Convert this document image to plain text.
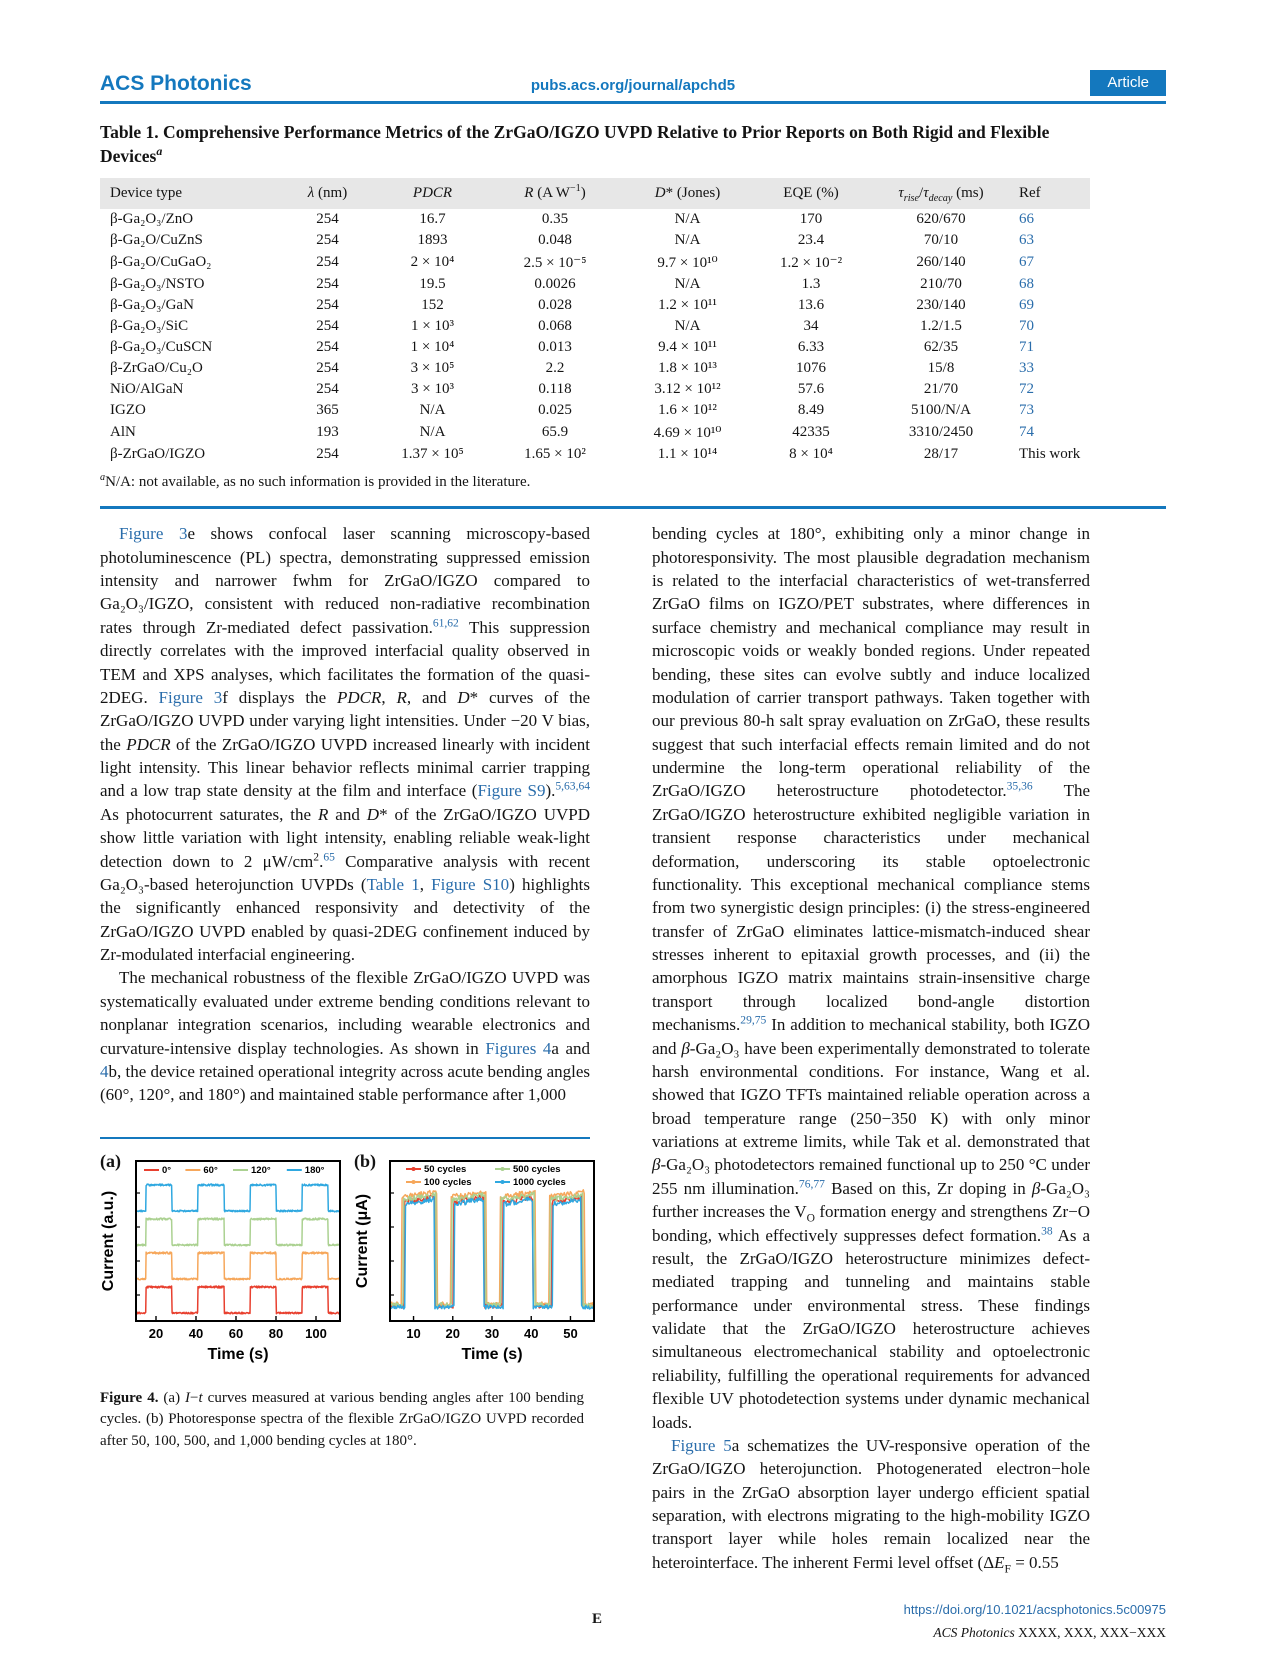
ACS Photonics	pubs.acs.org/journal/apchd5	Article

Table 1. Comprehensive Performance Metrics of the ZrGaO/IGZO UVPD Relative to Prior Reports on Both Rigid and Flexible Devices$^a$

Device type	λ (nm)	PDCR	R (A $W^{-1}$)	D* (Jones)	EQE (%)	$\tau_{rise}/\tau_{decay}$ (ms)	Ref
β-Ga₂O₃/ZnO	254	16.7	0.35	N/A	170	620/670	66
β-Ga₂O/CuZnS	254	1893	0.048	N/A	23.4	70/10	63
β-Ga₂O/CuGaO₂	254	2 × 10⁴	2.5 × 10⁻⁵	9.7 × 10¹⁰	1.2 × 10⁻²	260/140	67
β-Ga₂O₃/NSTO	254	19.5	0.0026	N/A	1.3	210/70	68
β-Ga₂O₃/GaN	254	152	0.028	1.2 × 10¹¹	13.6	230/140	69
β-Ga₂O₃/SiC	254	1 × 10³	0.068	N/A	34	1.2/1.5	70
β-Ga₂O₃/CuSCN	254	1 × 10⁴	0.013	9.4 × 10¹¹	6.33	62/35	71
β-ZrGaO/Cu₂O	254	3 × 10⁵	2.2	1.8 × 10¹³	1076	15/8	33
NiO/AlGaN	254	3 × 10³	0.118	3.12 × 10¹²	57.6	21/70	72
IGZO	365	N/A	0.025	1.6 × 10¹²	8.49	5100/N/A	73
AlN	193	N/A	65.9	4.69 × 10¹⁰	42335	3310/2450	74
β-ZrGaO/IGZO	254	1.37 × 10⁵	1.65 × 10²	1.1 × 10¹⁴	8 × 10⁴	28/17	This work

$^a$N/A: not available, as no such information is provided in the literature.

Figure 3e shows confocal laser scanning microscopy-based photoluminescence (PL) spectra, demonstrating suppressed emission intensity and narrower fwhm for ZrGaO/IGZO compared to Ga₂O₃/IGZO, consistent with reduced non-radiative recombination rates through Zr-mediated defect passivation.$^{61,62}$ This suppression directly correlates with the improved interfacial quality observed in TEM and XPS analyses, which facilitates the formation of the quasi-2DEG. Figure 3f displays the PDCR, R, and D* curves of the ZrGaO/IGZO UVPD under varying light intensities. Under −20 V bias, the PDCR of the ZrGaO/IGZO UVPD increased linearly with incident light intensity. This linear behavior reflects minimal carrier trapping and a low trap state density at the film and interface (Figure S9).$^{5,63,64}$ As photocurrent saturates, the R and D* of the ZrGaO/IGZO UVPD show little variation with light intensity, enabling reliable weak-light detection down to 2 $\mu W/cm^2.^{65}$ Comparative analysis with recent Ga₂O₃-based heterojunction UVPDs (Table 1, Figure S10) highlights the significantly enhanced responsivity and detectivity of the ZrGaO/IGZO UVPD enabled by quasi-2DEG confinement induced by Zr-modulated interfacial engineering.

The mechanical robustness of the flexible ZrGaO/IGZO UVPD was systematically evaluated under extreme bending conditions relevant to nonplanar integration scenarios, including wearable electronics and curvature-intensive display technologies. As shown in Figures 4a and 4b, the device retained operational integrity across acute bending angles (60°, 120°, and 180°) and maintained stable performance after 1,000

(a)
20 40 60 80 100
Time (s)
Current (a.u.)
0°	60°	120°	180° (b)
10 20 30 40 50
Time (s)
Current (μA)
50 cycles	500 cycles
100 cycles	1000 cycles
Figure 4. (a) I−t curves measured at various bending angles after 100 bending cycles. (b) Photoresponse spectra of the flexible ZrGaO/IGZO UVPD recorded after 50, 100, 500, and 1,000 bending cycles at 180°.

bending cycles at 180°, exhibiting only a minor change in photoresponsivity. The most plausible degradation mechanism is related to the interfacial characteristics of wet-transferred ZrGaO films on IGZO/PET substrates, where differences in surface chemistry and mechanical compliance may result in microscopic voids or weakly bonded regions. Under repeated bending, these sites can evolve subtly and induce localized modulation of carrier transport pathways. Taken together with our previous 80-h salt spray evaluation on ZrGaO, these results suggest that such interfacial effects remain limited and do not undermine the long-term operational reliability of the ZrGaO/IGZO heterostructure photodetector.$^{35,36}$ The ZrGaO/IGZO heterostructure exhibited negligible variation in transient response characteristics under mechanical deformation, underscoring its stable optoelectronic functionality. This exceptional mechanical compliance stems from two synergistic design principles: (i) the stress-engineered transfer of ZrGaO eliminates lattice-mismatch-induced shear stresses inherent to epitaxial growth processes, and (ii) the amorphous IGZO matrix maintains strain-insensitive charge transport through localized bond-angle distortion mechanisms.$^{29,75}$ In addition to mechanical stability, both IGZO and β-Ga₂O₃ have been experimentally demonstrated to tolerate harsh environmental conditions. For instance, Wang et al. showed that IGZO TFTs maintained reliable operation across a broad temperature range (250−350 K) with only minor variations at extreme limits, while Tak et al. demonstrated that β-Ga₂O₃ photodetectors remained functional up to 250 °C under 255 nm illumination.$^{76,77}$ Based on this, Zr doping in β-Ga₂O₃ further increases the $V_O$ formation energy and strengthens Zr−O bonding, which effectively suppresses defect formation.$^{38}$ As a result, the ZrGaO/IGZO heterostructure minimizes defect-mediated trapping and tunneling and maintains stable performance under environmental stress. These findings validate that the ZrGaO/IGZO heterostructure achieves simultaneous electromechanical stability and optoelectronic reliability, fulfilling the operational requirements for advanced flexible UV photodetection systems under dynamic mechanical loads.

Figure 5a schematizes the UV-responsive operation of the ZrGaO/IGZO heterojunction. Photogenerated electron−hole pairs in the ZrGaO absorption layer undergo efficient spatial separation, with electrons migrating to the high-mobility IGZO transport layer while holes remain localized near the heterointerface. The inherent Fermi level offset ($\Delta E_F = 0.55$

E
https://doi.org/10.1021/acsphotonics.5c00975
ACS Photonics XXXX, XXX, XXX−XXX
